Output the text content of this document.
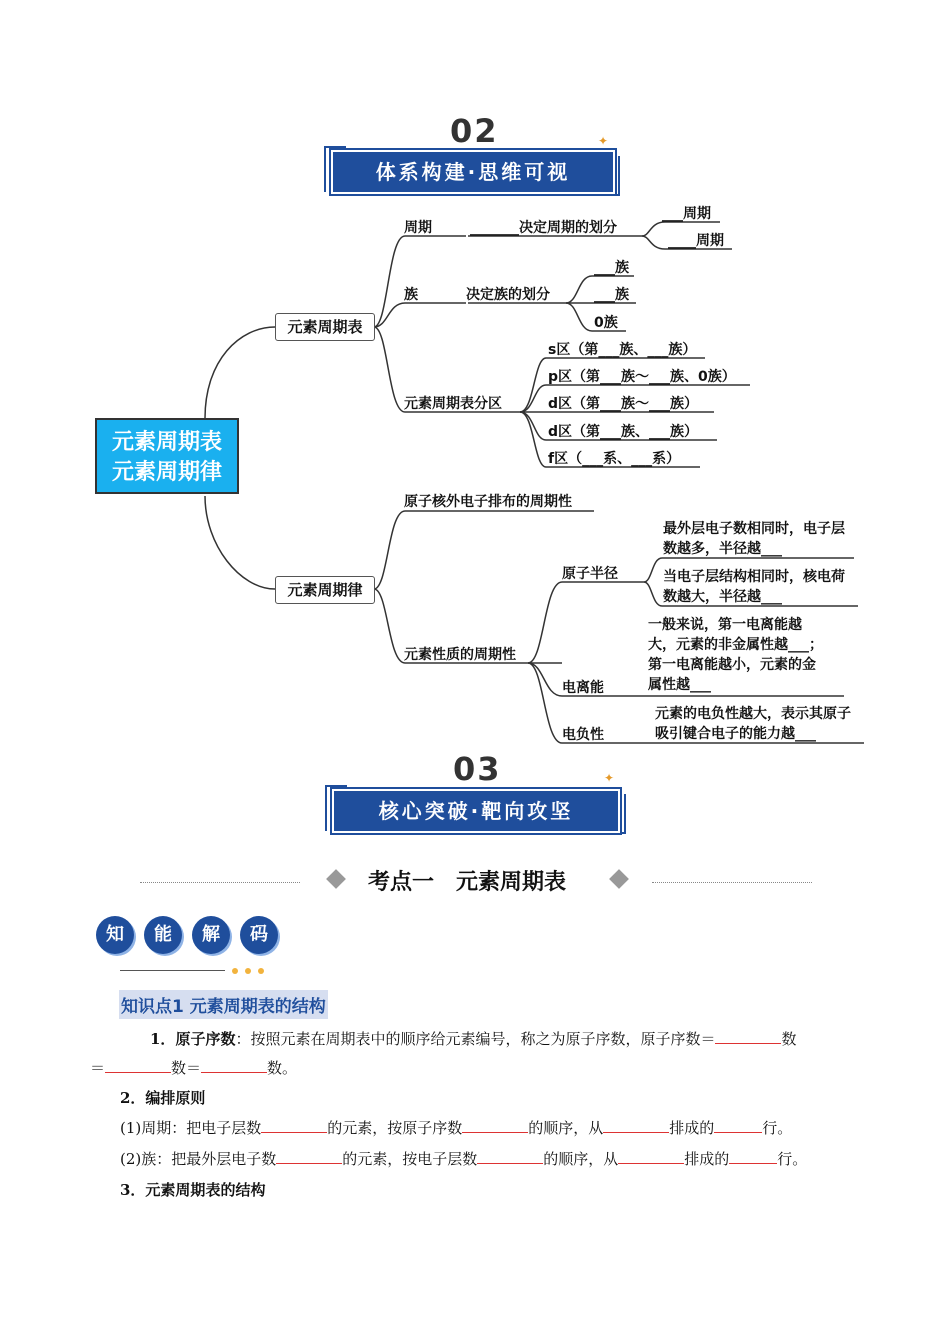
02	✦
体系构建·思维可视
元素周期表
元素周期律
元素周期表
元素周期律
周期	_______决定周期的划分
___周期
____周期
族	决定族的划分
___族
___族
0族
元素周期表分区
s区（第___族、___族）
p区（第___族～___族、0族）
d区（第___族～___族）
d区（第___族、___族）
f区（___系、___系）
原子核外电子排布的周期性
元素性质的周期性
原子半径
最外层电子数相同时，电子层数越多，半径越___
当电子层结构相同时，核电荷数越大，半径越___
电离能
一般来说，第一电离能越大，元素的非金属性越___；第一电离能越小，元素的金属性越___
电负性
元素的电负性越大，表示其原子吸引键合电子的能力越___
03	✦
核心突破·靶向攻坚
考点一　元素周期表
知	能	解	码
知识点1 元素周期表的结构
1．原子序数：按照元素在周期表中的顺序给元素编号，称之为原子序数，原子序数＝	数
＝	数＝	数。
2．编排原则
(1)周期：把电子层数	的元素，按原子序数	的顺序，从	排成的	行。
(2)族：把最外层电子数	的元素，按电子层数	的顺序，从	排成的	行。
3．元素周期表的结构
